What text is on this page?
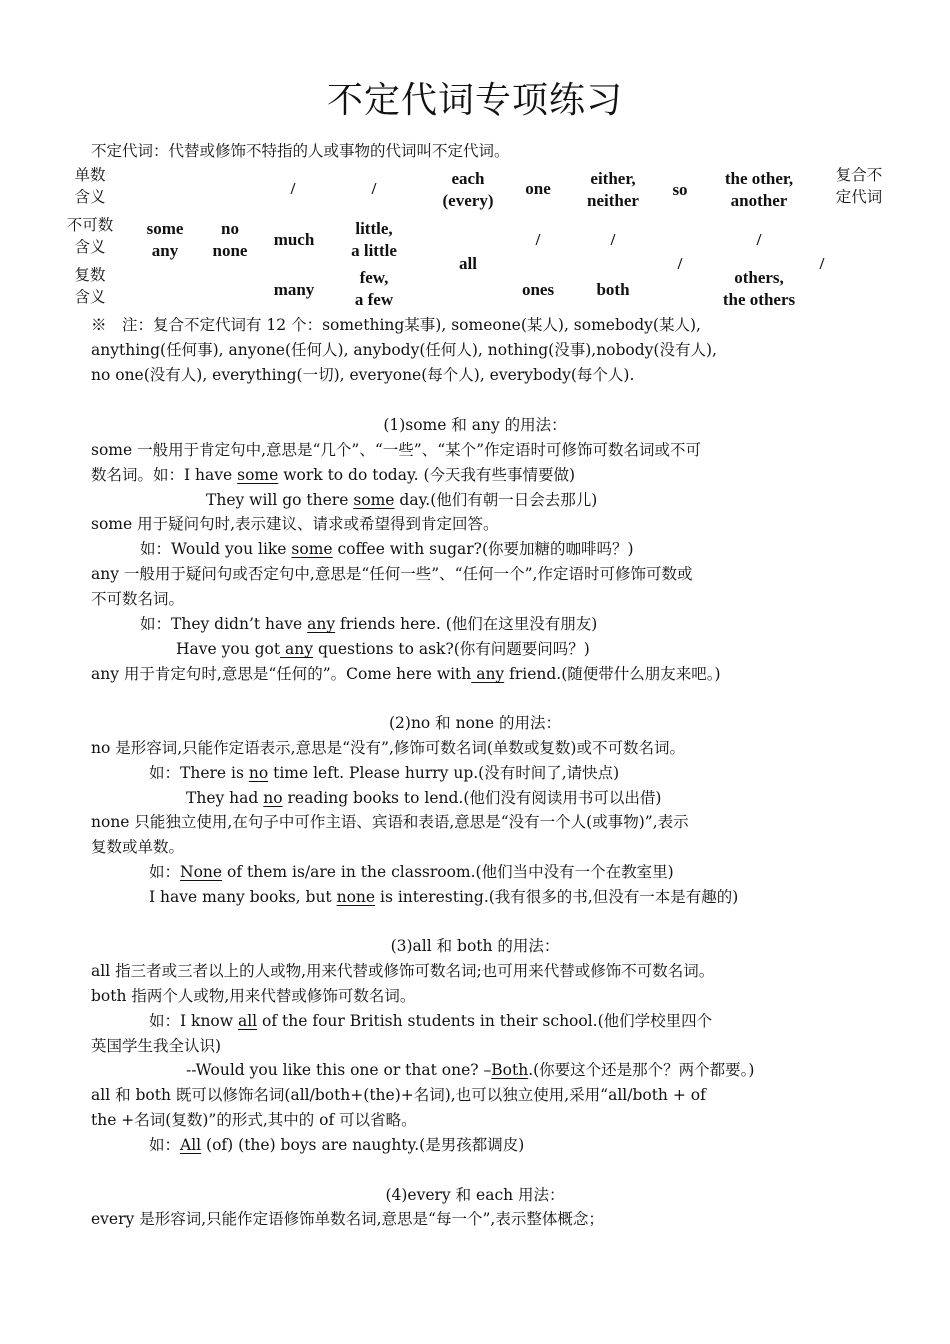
不定代词专项练习
不定代词：代替或修饰不特指的人或事物的代词叫不定代词。
单数
含义
不可数
含义
复数
含义
some
any
no
none
/	/
much
many
little,
a little
few,
a few
each
(every)
all
one
/
ones
either,
neither
/
both
so
/
the other,
another
/
others,
the others
复合不
定代词
/
※　注：复合不定代词有 12 个：something某事), someone(某人), somebody(某人),
anything(任何事), anyone(任何人), anybody(任何人), nothing(没事),nobody(没有人),
no one(没有人), everything(一切), everyone(每个人), everybody(每个人).
(1)some 和 any 的用法：
some 一般用于肯定句中,意思是“几个”、“一些”、“某个”作定语时可修饰可数名词或不可
数名词。如：I have some work to do today. (今天我有些事情要做)
They will go there some day.(他们有朝一日会去那儿)
some 用于疑问句时,表示建议、请求或希望得到肯定回答。
如：Would you like some coffee with sugar?(你要加糖的咖啡吗？)
any 一般用于疑问句或否定句中,意思是“任何一些”、“任何一个”,作定语时可修饰可数或
不可数名词。
如：They didn’t have any friends here. (他们在这里没有朋友)
Have you got any questions to ask?(你有问题要问吗？)
any 用于肯定句时,意思是“任何的”。Come here with any friend.(随便带什么朋友来吧。)
(2)no 和 none 的用法：
no 是形容词,只能作定语表示,意思是“没有”,修饰可数名词(单数或复数)或不可数名词。
如：There is no time left. Please hurry up.(没有时间了,请快点)
They had no reading books to lend.(他们没有阅读用书可以出借)
none 只能独立使用,在句子中可作主语、宾语和表语,意思是“没有一个人(或事物)”,表示
复数或单数。
如：None of them is/are in the classroom.(他们当中没有一个在教室里)
I have many books, but none is interesting.(我有很多的书,但没有一本是有趣的)
(3)all 和 both 的用法：
all 指三者或三者以上的人或物,用来代替或修饰可数名词;也可用来代替或修饰不可数名词。
both 指两个人或物,用来代替或修饰可数名词。
如：I know all of the four British students in their school.(他们学校里四个
英国学生我全认识)
--Would you like this one or that one? –Both.(你要这个还是那个？两个都要。)
all 和 both 既可以修饰名词(all/both+(the)+名词),也可以独立使用,采用“all/both + of
the +名词(复数)”的形式,其中的 of 可以省略。
如：All (of) (the) boys are naughty.(是男孩都调皮)
(4)every 和 each 用法：
every 是形容词,只能作定语修饰单数名词,意思是“每一个”,表示整体概念；
